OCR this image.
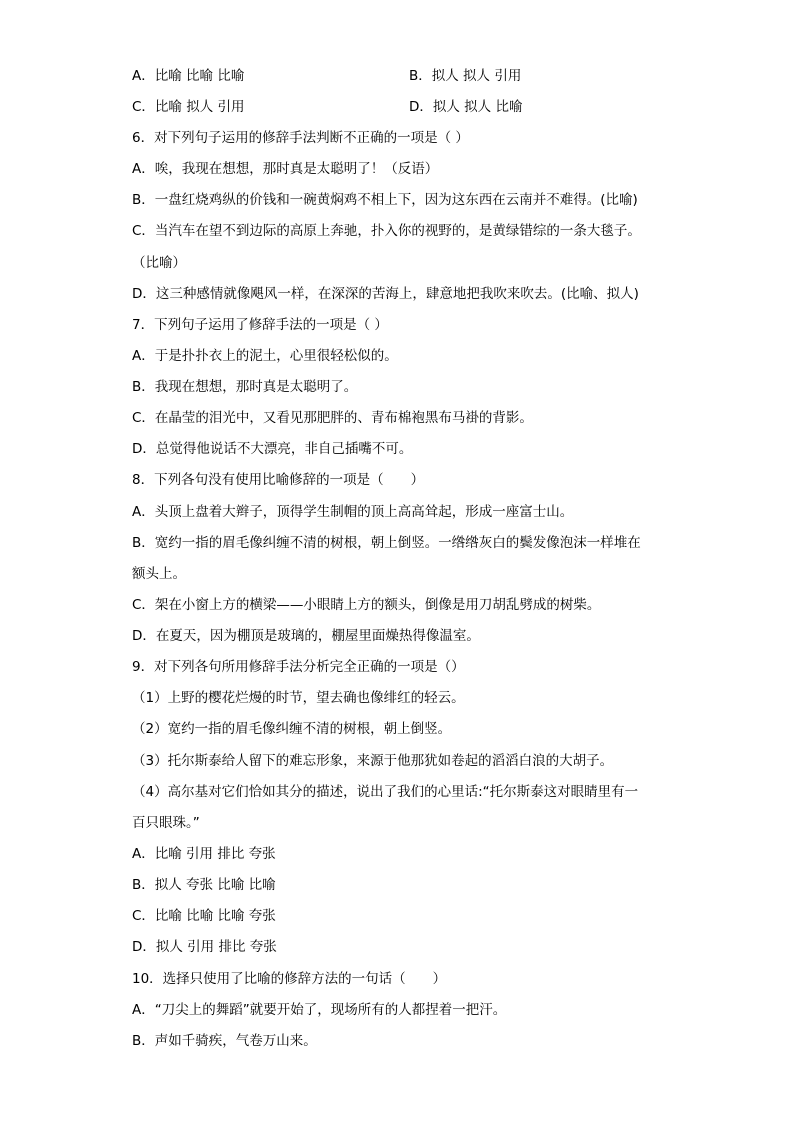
A．比喻 比喻 比喻	B．拟人 拟人 引用
C．比喻 拟人 引用	D．拟人 拟人 比喻
6．对下列句子运用的修辞手法判断不正确的一项是（ ）
A．唉，我现在想想，那时真是太聪明了！（反语）
B．一盘红烧鸡纵的价钱和一碗黄焖鸡不相上下，因为这东西在云南并不难得。(比喻)
C．当汽车在望不到边际的高原上奔驰，扑入你的视野的，是黄绿错综的一条大毯子。
（比喻）
D．这三种感情就像飓风一样，在深深的苦海上，肆意地把我吹来吹去。(比喻、拟人)
7．下列句子运用了修辞手法的一项是（ ）
A．于是扑扑衣上的泥土，心里很轻松似的。
B．我现在想想，那时真是太聪明了。
C．在晶莹的泪光中，又看见那肥胖的、青布棉袍黑布马褂的背影。
D．总觉得他说话不大漂亮，非自己插嘴不可。
8．下列各句没有使用比喻修辞的一项是（　　）
A．头顶上盘着大辫子，顶得学生制帽的顶上高高耸起，形成一座富士山。
B．宽约一指的眉毛像纠缠不清的树根，朝上倒竖。一绺绺灰白的鬓发像泡沫一样堆在
额头上。
C．架在小窗上方的横梁——小眼睛上方的额头，倒像是用刀胡乱劈成的树柴。
D．在夏天，因为棚顶是玻璃的，棚屋里面燥热得像温室。
9．对下列各句所用修辞手法分析完全正确的一项是（）
（1）上野的樱花烂熳的时节，望去确也像绯红的轻云。
（2）宽约一指的眉毛像纠缠不清的树根，朝上倒竖。
（3）托尔斯泰给人留下的难忘形象，来源于他那犹如卷起的滔滔白浪的大胡子。
（4）高尔基对它们恰如其分的描述，说出了我们的心里话:“托尔斯泰这对眼睛里有一
百只眼珠。”
A．比喻 引用 排比 夸张
B．拟人 夸张 比喻 比喻
C．比喻 比喻 比喻 夸张
D．拟人 引用 排比 夸张
10．选择只使用了比喻的修辞方法的一句话（　　）
A．“刀尖上的舞蹈”就要开始了，现场所有的人都捏着一把汗。
B．声如千骑疾，气卷万山来。
